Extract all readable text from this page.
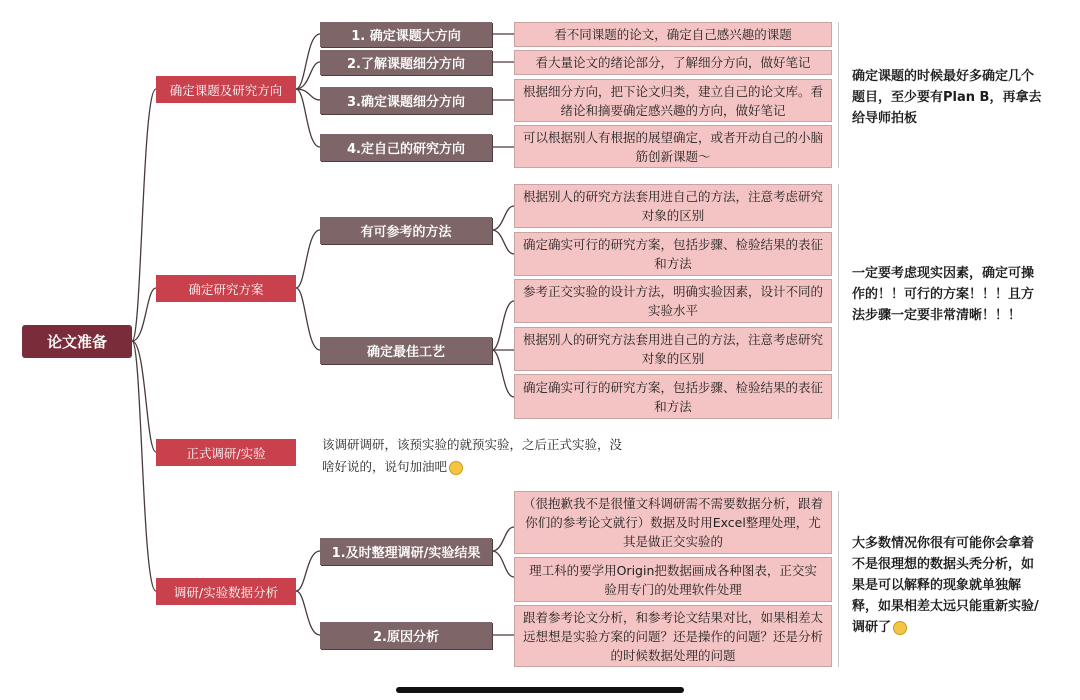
论文准备
确定课题及研究方向
确定研究方案
正式调研/实验
调研/实验数据分析
1. 确定课题大方向
2.了解课题细分方向
3.确定课题细分方向
4.定自己的研究方向
有可参考的方法
确定最佳工艺
1.及时整理调研/实验结果
2.原因分析
看不同课题的论文，确定自己感兴趣的课题
看大量论文的绪论部分，了解细分方向，做好笔记
根据细分方向，把下论文归类，建立自己的论文库。看绪论和摘要确定感兴趣的方向，做好笔记
可以根据别人有根据的展望确定，或者开动自己的小脑筋创新课题～
根据别人的研究方法套用进自己的方法，注意考虑研究对象的区别
确定确实可行的研究方案，包括步骤、检验结果的表征和方法
参考正交实验的设计方法，明确实验因素，设计不同的实验水平
根据别人的研究方法套用进自己的方法，注意考虑研究对象的区别
确定确实可行的研究方案，包括步骤、检验结果的表征和方法
该调研调研，该预实验的就预实验，之后正式实验，没啥好说的，说句加油吧
（很抱歉我不是很懂文科调研需不需要数据分析，跟着你们的参考论文就行）数据及时用Excel整理处理，尤其是做正交实验的
理工科的要学用Origin把数据画成各种图表，正交实验用专门的处理软件处理
跟着参考论文分析，和参考论文结果对比，如果相差太远想想是实验方案的问题？还是操作的问题？还是分析的时候数据处理的问题
确定课题的时候最好多确定几个题目，至少要有Plan B，再拿去给导师拍板
一定要考虑现实因素，确定可操作的！！可行的方案！！！且方法步骤一定要非常清晰！！！
大多数情况你很有可能你会拿着不是很理想的数据头秃分析，如果是可以解释的现象就单独解释，如果相差太远只能重新实验/调研了
